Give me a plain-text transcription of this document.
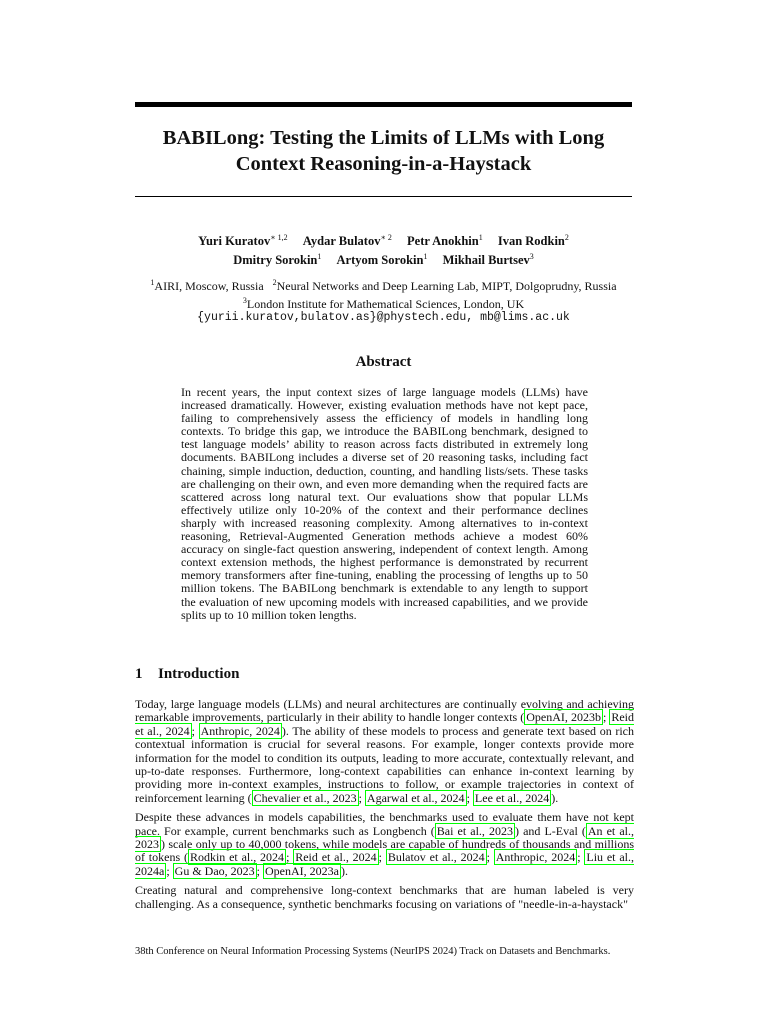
BABILong: Testing the Limits of LLMs with Long Context Reasoning-in-a-Haystack
Yuri Kuratov$^{∗ 1,2}$ Aydar Bulatov$^{∗ 2}$ Petr Anokhin$^1$ Ivan Rodkin$^2$
Dmitry Sorokin$^1$ Artyom Sorokin$^1$ Mikhail Burtsev$^3$
$^1$AIRI, Moscow, Russia $^2$Neural Networks and Deep Learning Lab, MIPT, Dolgoprudny, Russia
$^3$London Institute for Mathematical Sciences, London, UK
{yurii.kuratov,bulatov.as}@phystech.edu, mb@lims.ac.uk
Abstract
In recent years, the input context sizes of large language models (LLMs) have increased dramatically. However, existing evaluation methods have not kept pace, failing to comprehensively assess the efficiency of models in handling long contexts. To bridge this gap, we introduce the BABILong benchmark, designed to test language models’ ability to reason across facts distributed in extremely long documents. BABILong includes a diverse set of 20 reasoning tasks, including fact chaining, simple induction, deduction, counting, and handling lists/sets. These tasks are challenging on their own, and even more demanding when the required facts are scattered across long natural text. Our evaluations show that popular LLMs effectively utilize only 10-20% of the context and their performance declines sharply with increased reasoning complexity. Among alternatives to in-context reasoning, Retrieval-Augmented Generation methods achieve a modest 60% accuracy on single-fact question answering, independent of context length. Among context extension methods, the highest performance is demonstrated by recurrent memory transformers after fine-tuning, enabling the processing of lengths up to 50 million tokens. The BABILong benchmark is extendable to any length to support the evaluation of new upcoming models with increased capabilities, and we provide splits up to 10 million token lengths.
1 Introduction

Today, large language models (LLMs) and neural architectures are continually evolving and achieving remarkable improvements, particularly in their ability to handle longer contexts ( OpenAI, 2023b ; Reid et al., 2024 ; Anthropic, 2024 ). The ability of these models to process and generate text based on rich contextual information is crucial for several reasons. For example, longer contexts provide more information for the model to condition its outputs, leading to more accurate, contextually relevant, and up-to-date responses. Furthermore, long-context capabilities can enhance in-context learning by providing more in-context examples, instructions to follow, or example trajectories in context of reinforcement learning ( Chevalier et al., 2023 ; Agarwal et al., 2024 ; Lee et al., 2024 ).

Despite these advances in models capabilities, the benchmarks used to evaluate them have not kept pace. For example, current benchmarks such as Longbench ( Bai et al., 2023 ) and L-Eval ( An et al., 2023 ) scale only up to 40,000 tokens, while models are capable of hundreds of thousands and millions of tokens ( Rodkin et al., 2024 ; Reid et al., 2024 ; Bulatov et al., 2024 ; Anthropic, 2024 ; Liu et al., 2024a ; Gu & Dao, 2023 ; OpenAI, 2023a ).

Creating natural and comprehensive long-context benchmarks that are human labeled is very challenging. As a consequence, synthetic benchmarks focusing on variations of "needle-in-a-haystack"

38th Conference on Neural Information Processing Systems (NeurIPS 2024) Track on Datasets and Benchmarks.
